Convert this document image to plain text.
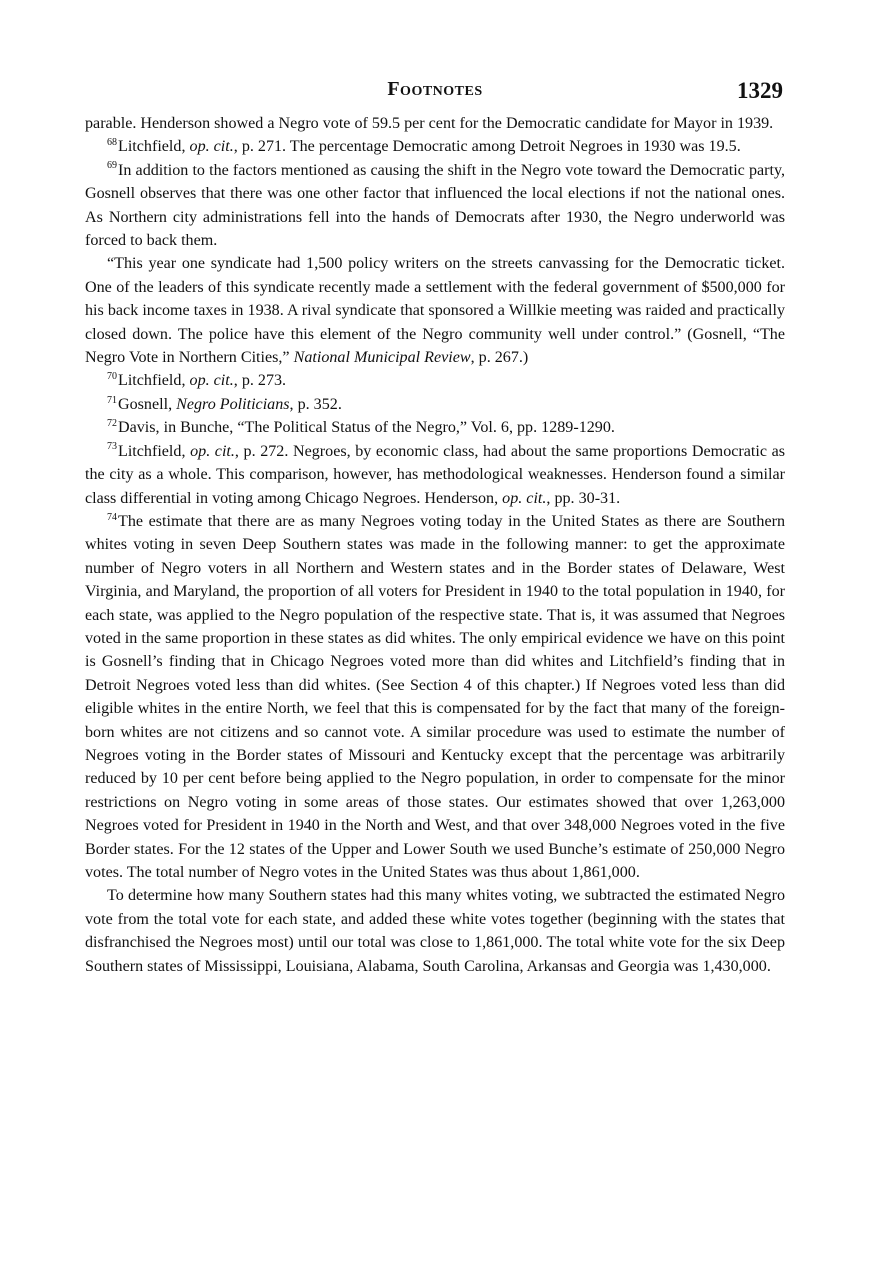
Footnotes	1329

parable. Henderson showed a Negro vote of 59.5 per cent for the Democratic candidate for Mayor in 1939.

$^{68}$Litchfield, op. cit., p. 271. The percentage Democratic among Detroit Negroes in 1930 was 19.5.

$^{69}$In addition to the factors mentioned as causing the shift in the Negro vote toward the Democratic party, Gosnell observes that there was one other factor that influenced the local elections if not the national ones. As Northern city administrations fell into the hands of Democrats after 1930, the Negro underworld was forced to back them.

“This year one syndicate had 1,500 policy writers on the streets canvassing for the Democratic ticket. One of the leaders of this syndicate recently made a settlement with the federal government of $500,000 for his back income taxes in 1938. A rival syndicate that sponsored a Willkie meeting was raided and practically closed down. The police have this element of the Negro community well under control.” (Gosnell, “The Negro Vote in Northern Cities,” National Municipal Review, p. 267.)

$^{70}$Litchfield, op. cit., p. 273.

$^{71}$Gosnell, Negro Politicians, p. 352.

$^{72}$Davis, in Bunche, “The Political Status of the Negro,” Vol. 6, pp. 1289-1290.

$^{73}$Litchfield, op. cit., p. 272. Negroes, by economic class, had about the same proportions Democratic as the city as a whole. This comparison, however, has methodological weaknesses. Henderson found a similar class differential in voting among Chicago Negroes. Henderson, op. cit., pp. 30-31.

$^{74}$The estimate that there are as many Negroes voting today in the United States as there are Southern whites voting in seven Deep Southern states was made in the following manner: to get the approximate number of Negro voters in all Northern and Western states and in the Border states of Delaware, West Virginia, and Maryland, the proportion of all voters for President in 1940 to the total population in 1940, for each state, was applied to the Negro population of the respective state. That is, it was assumed that Negroes voted in the same proportion in these states as did whites. The only empirical evidence we have on this point is Gosnell’s finding that in Chicago Negroes voted more than did whites and Litchfield’s finding that in Detroit Negroes voted less than did whites. (See Section 4 of this chapter.) If Negroes voted less than did eligible whites in the entire North, we feel that this is compensated for by the fact that many of the foreign-born whites are not citizens and so cannot vote. A similar procedure was used to estimate the number of Negroes voting in the Border states of Missouri and Kentucky except that the percentage was arbitrarily reduced by 10 per cent before being applied to the Negro population, in order to compensate for the minor restrictions on Negro voting in some areas of those states. Our estimates showed that over 1,263,000 Negroes voted for President in 1940 in the North and West, and that over 348,000 Negroes voted in the five Border states. For the 12 states of the Upper and Lower South we used Bunche’s estimate of 250,000 Negro votes. The total number of Negro votes in the United States was thus about 1,861,000.

To determine how many Southern states had this many whites voting, we subtracted the estimated Negro vote from the total vote for each state, and added these white votes together (beginning with the states that disfranchised the Negroes most) until our total was close to 1,861,000. The total white vote for the six Deep Southern states of Mississippi, Louisiana, Alabama, South Carolina, Arkansas and Georgia was 1,430,000.
